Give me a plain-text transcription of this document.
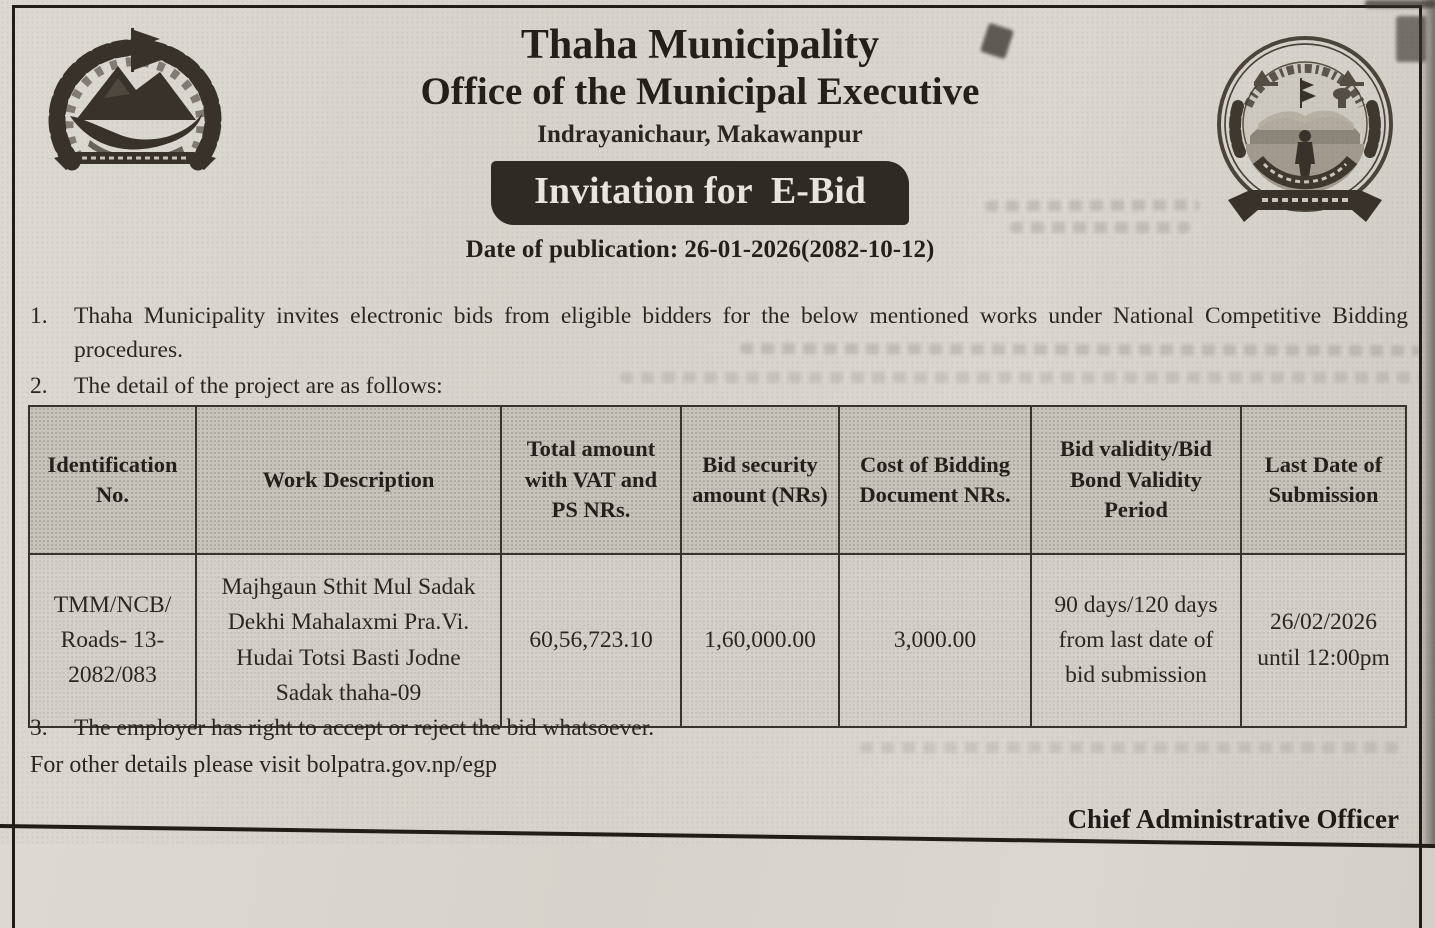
Thaha Municipality
Office of the Municipal Executive
Indrayanichaur, Makawanpur
Invitation for  E-Bid
Date of publication: 26-01-2026(2082-10-12)
1.	Thaha Municipality invites electronic bids from eligible bidders for the below mentioned works under National Competitive Bidding procedures.
2.	The detail of the project are as follows:
Identification No.	Work Description	Total amount with VAT and PS NRs.	Bid security amount (NRs)	Cost of Bidding Document NRs.	Bid validity/Bid Bond Validity Period	Last Date of Submission
TMM/NCB/ Roads- 13-2082/083	Majhgaun Sthit Mul Sadak Dekhi Mahalaxmi Pra.Vi. Hudai Totsi Basti Jodne Sadak thaha-09	60,56,723.10	1,60,000.00	3,000.00	90 days/120 days from last date of bid submission	26/02/2026 until 12:00pm
3.	The employer has right to accept or reject the bid whatsoever.
For other details please visit bolpatra.gov.np/egp
Chief Administrative Officer
